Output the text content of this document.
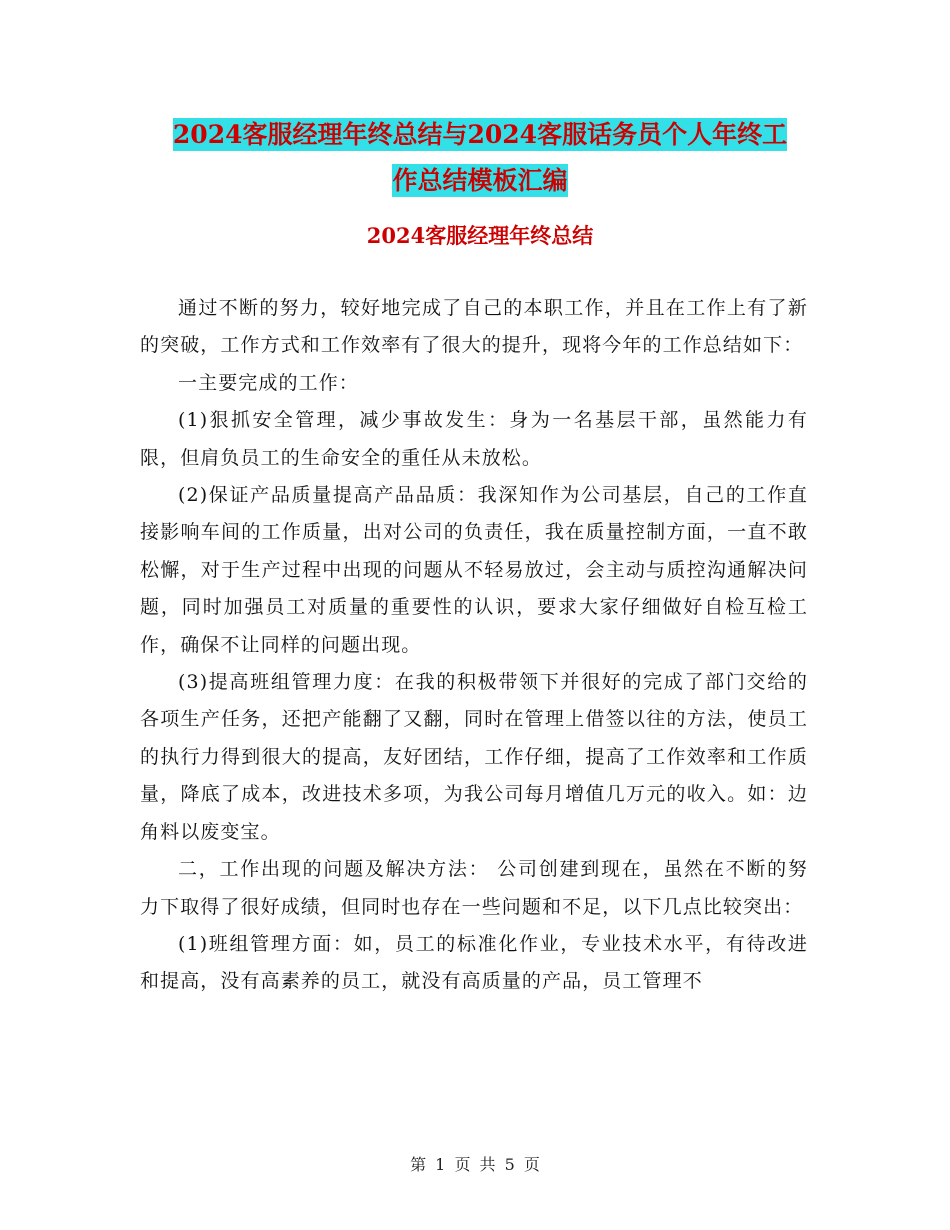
2024客服经理年终总结与2024客服话务员个人年终工
作总结模板汇编
2024客服经理年终总结

通过不断的努力，较好地完成了自己的本职工作，并且在工作上有了新的突破，工作方式和工作效率有了很大的提升，现将今年的工作总结如下：

一主要完成的工作：

(1)狠抓安全管理，减少事故发生：身为一名基层干部，虽然能力有限，但肩负员工的生命安全的重任从未放松。

(2)保证产品质量提高产品品质：我深知作为公司基层，自己的工作直接影响车间的工作质量，出对公司的负责任，我在质量控制方面，一直不敢松懈，对于生产过程中出现的问题从不轻易放过，会主动与质控沟通解决问题，同时加强员工对质量的重要性的认识，要求大家仔细做好自检互检工作，确保不让同样的问题出现。

(3)提高班组管理力度：在我的积极带领下并很好的完成了部门交给的各项生产任务，还把产能翻了又翻，同时在管理上借签以往的方法，使员工的执行力得到很大的提高，友好团结，工作仔细，提高了工作效率和工作质量，降底了成本，改进技术多项，为我公司每月增值几万元的收入。如：边角料以废变宝。

二，工作出现的问题及解决方法： 公司创建到现在，虽然在不断的努力下取得了很好成绩，但同时也存在一些问题和不足，以下几点比较突出：

(1)班组管理方面：如，员工的标准化作业，专业技术水平，有待改进和提高，没有高素养的员工，就没有高质量的产品，员工管理不

第 1 页 共 5 页
